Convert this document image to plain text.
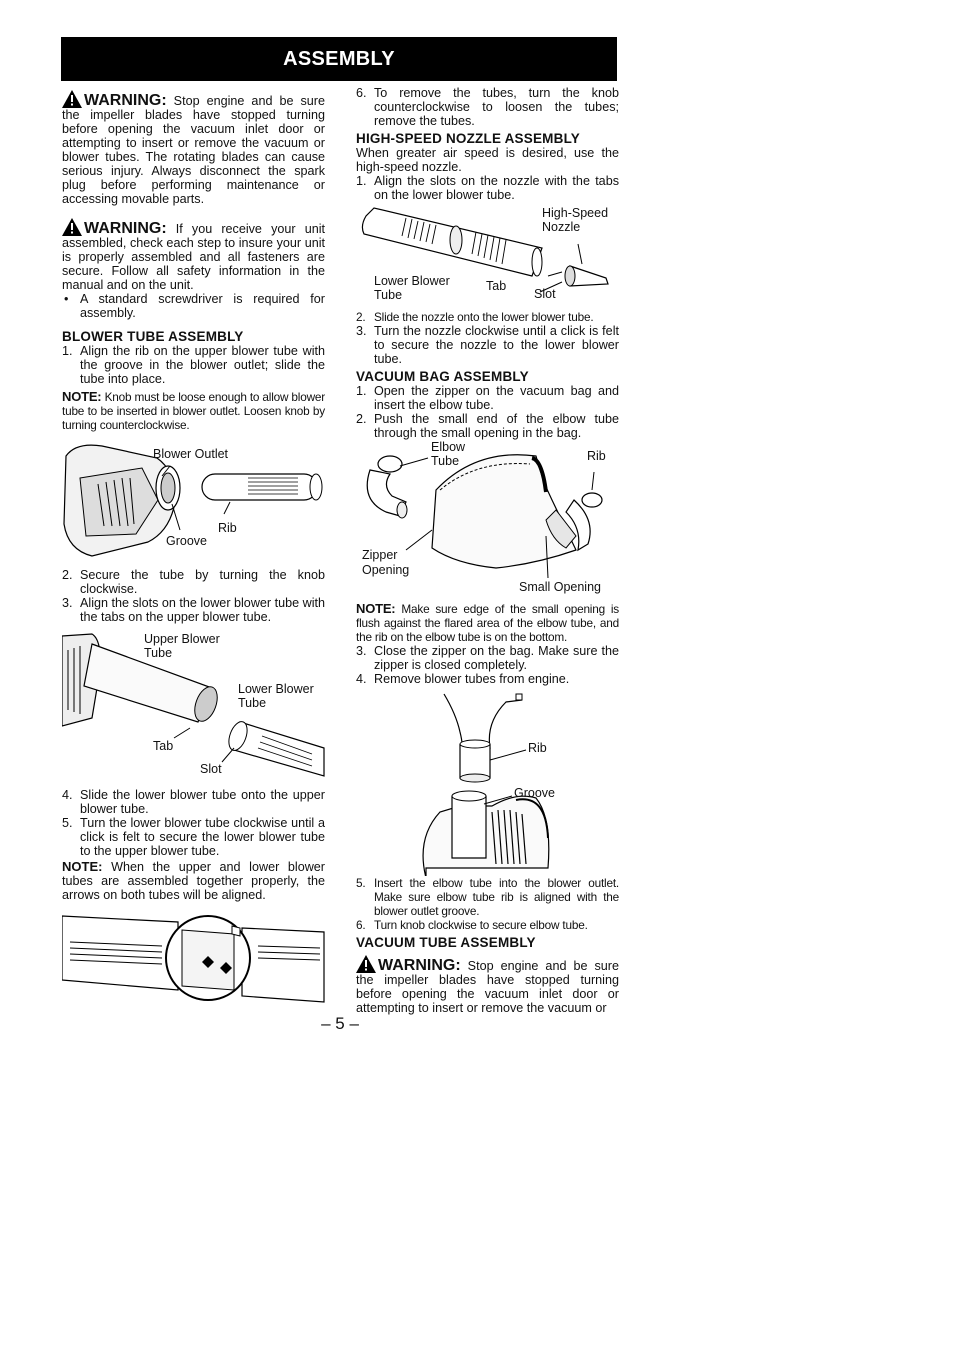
ASSEMBLY

WARNING: Stop engine and be sure the impeller blades have stopped turning before opening the vacuum inlet door or attempting to insert or remove the vacuum or blower tubes. The rotating blades can cause serious injury. Always disconnect the spark plug before performing maintenance or accessing movable parts.

WARNING: If you receive your unit assembled, check each step to insure your unit is properly assembled and all fasteners are secure. Follow all safety information in the manual and on the unit.

• A standard screwdriver is required for assembly.
BLOWER TUBE ASSEMBLY
1. Align the rib on the upper blower tube with the groove in the blower outlet; slide the tube into place.

NOTE: Knob must be loose enough to allow blower tube to be inserted in blower outlet. Loosen knob by turning counterclockwise.

Blower Outlet
Rib
Groove
2. Secure the tube by turning the knob clockwise.
3. Align the slots on the lower blower tube with the tabs on the upper blower tube.
Upper Blower Tube
Lower Blower Tube
Tab
Slot
4. Slide the lower blower tube onto the upper blower tube.
5. Turn the lower blower tube clockwise until a click is felt to secure the lower blower tube to the upper blower tube.

NOTE: When the upper and lower blower tubes are assembled together properly, the arrows on both tubes will be aligned.

6. To remove the tubes, turn the knob counterclockwise to loosen the tubes; remove the tubes.
HIGH-SPEED NOZZLE ASSEMBLY

When greater air speed is desired, use the high-speed nozzle.

1. Align the slots on the nozzle with the tabs on the lower blower tube.
High-Speed Nozzle
Lower Blower Tube
Tab
Slot
2. Slide the nozzle onto the lower blower tube.
3. Turn the nozzle clockwise until a click is felt to secure the nozzle to the lower blower tube.
VACUUM BAG ASSEMBLY
1. Open the zipper on the vacuum bag and insert the elbow tube.
2. Push the small end of the elbow tube through the small opening in the bag.
Elbow Tube	Rib
Zipper Opening
Small Opening

NOTE: Make sure edge of the small opening is flush against the flared area of the elbow tube, and the rib on the elbow tube is on the bottom.

3. Close the zipper on the bag. Make sure the zipper is closed completely.
4. Remove blower tubes from engine.
Rib
Groove
5. Insert the elbow tube into the blower outlet. Make sure elbow tube rib is aligned with the blower outlet groove.
6. Turn knob clockwise to secure elbow tube.
VACUUM TUBE ASSEMBLY

WARNING: Stop engine and be sure the impeller blades have stopped turning before opening the vacuum inlet door or attempting to insert or remove the vacuum or

– 5 –
